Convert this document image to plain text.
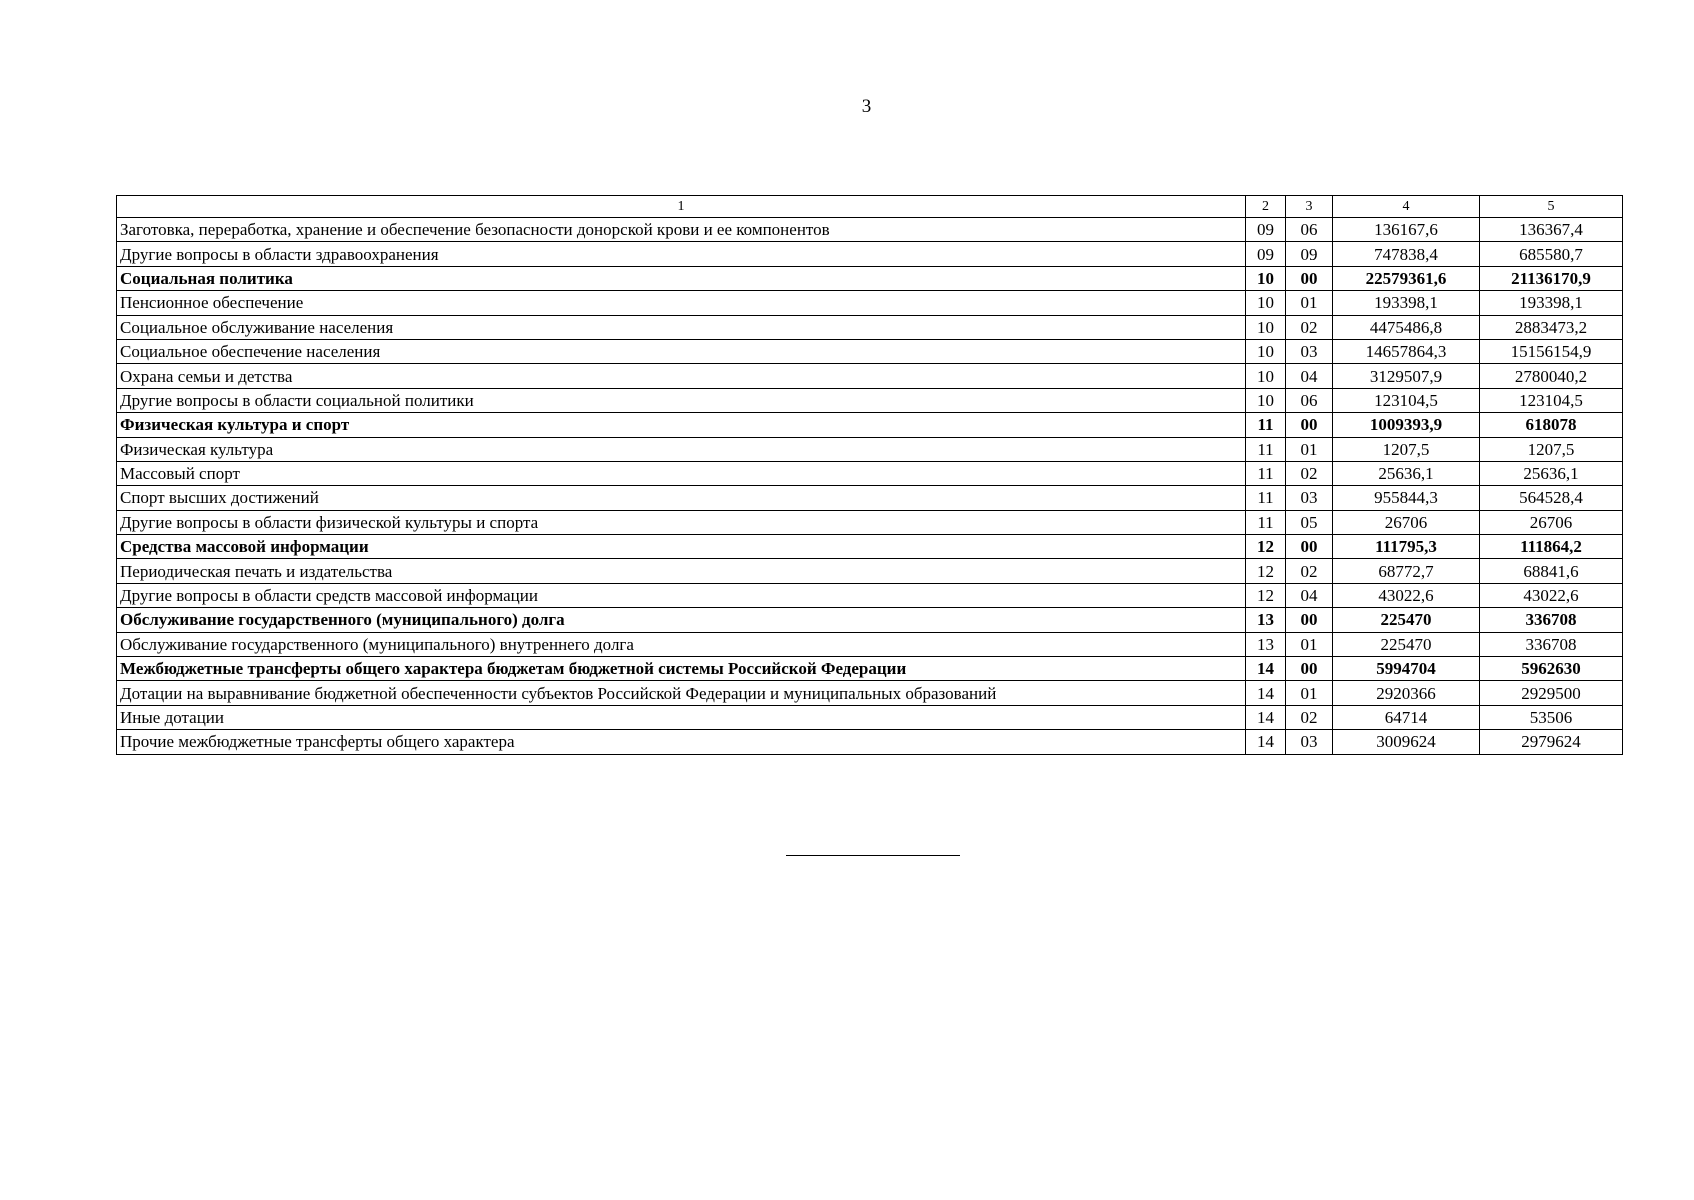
3
1	2	3	4	5
Заготовка, переработка, хранение и обеспечение безопасности донорской крови и ее компонентов	09	06	136167,6	136367,4
Другие вопросы в области здравоохранения	09	09	747838,4	685580,7
Социальная политика	10	00	22579361,6	21136170,9
Пенсионное обеспечение	10	01	193398,1	193398,1
Социальное обслуживание населения	10	02	4475486,8	2883473,2
Социальное обеспечение населения	10	03	14657864,3	15156154,9
Охрана семьи и детства	10	04	3129507,9	2780040,2
Другие вопросы в области социальной политики	10	06	123104,5	123104,5
Физическая культура и спорт	11	00	1009393,9	618078
Физическая культура	11	01	1207,5	1207,5
Массовый спорт	11	02	25636,1	25636,1
Спорт высших достижений	11	03	955844,3	564528,4
Другие вопросы в области физической культуры и спорта	11	05	26706	26706
Средства массовой информации	12	00	111795,3	111864,2
Периодическая печать и издательства	12	02	68772,7	68841,6
Другие вопросы в области средств массовой информации	12	04	43022,6	43022,6
Обслуживание государственного (муниципального) долга	13	00	225470	336708
Обслуживание государственного (муниципального) внутреннего долга	13	01	225470	336708
Межбюджетные трансферты общего характера бюджетам бюджетной системы Российской Федерации	14	00	5994704	5962630
Дотации на выравнивание бюджетной обеспеченности субъектов Российской Федерации и муниципальных образований	14	01	2920366	2929500
Иные дотации	14	02	64714	53506
Прочие межбюджетные трансферты общего характера	14	03	3009624	2979624
